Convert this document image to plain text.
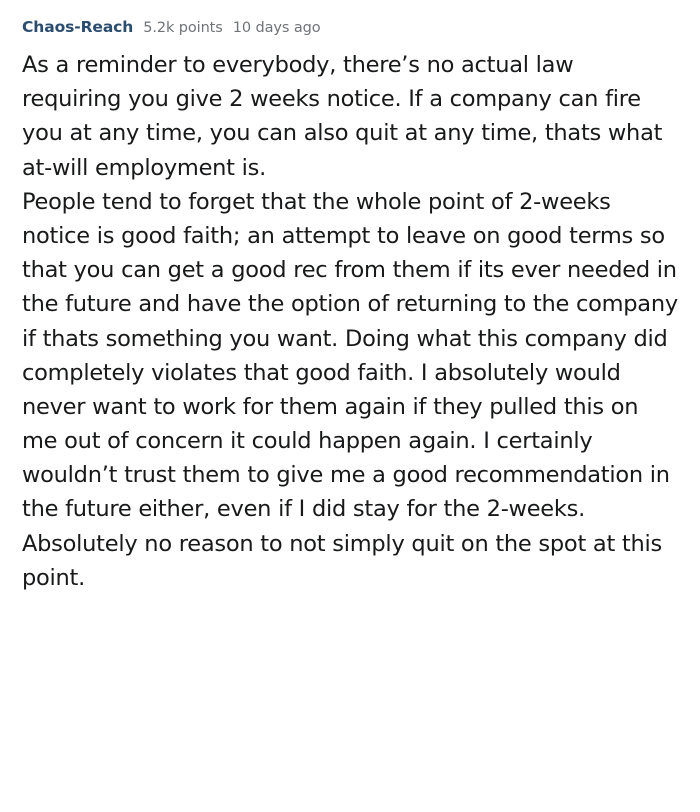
Chaos-Reach 5.2k points 10 days ago

As a reminder to everybody, there’s no actual law requiring you give 2 weeks notice. If a company can fire you at any time, you can also quit at any time, thats what at-will employment is.

People tend to forget that the whole point of 2-weeks notice is good faith; an attempt to leave on good terms so that you can get a good rec from them if its ever needed in the future and have the option of returning to the company if thats something you want. Doing what this company did completely violates that good faith. I absolutely would never want to work for them again if they pulled this on me out of concern it could happen again. I certainly wouldn’t trust them to give me a good recommendation in the future either, even if I did stay for the 2-weeks. Absolutely no reason to not simply quit on the spot at this point.
